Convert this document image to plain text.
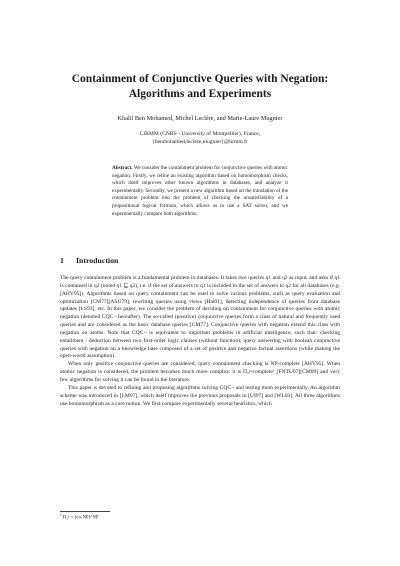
Containment of Conjunctive Queries with Negation: Algorithms and Experiments
Khalil Ben Mohamed, Michel Leclère, and Marie-Laure Mugnier
LIRMM (CNRS - University of Montpellier), France,
{benmohamed,leclere,mugnier}@lirmm.fr

Abstract. We consider the containment problem for conjunctive queries with atomic negation. Firstly, we refine an existing algorithm based on homomorphism checks, which itself improves other known algorithms in databases, and analyze it experimentally. Secondly, we present a new algorithm based on the translation of the containment problem into the problem of checking the unsatisfiability of a propositional logical formula, which allows us to use a SAT solver, and we experimentally compare both algorithms.

1 Introduction

The query containment problem is a fundamental problem in databases. It takes two queries q1 and q2 as input, and asks if q1 is contained in q2 (noted q1 ⊑ q2), i.e. if the set of answers to q1 is included in the set of answers to q2 for all databases (e.g. [AHV95]). Algorithms based on query containment can be used to solve various problems, such as query evaluation and optimization [CM77][ASU79], rewriting queries using views [Hal01], detecting independence of queries from database updates [LS93], etc. In this paper, we consider the problem of deciding on containment for conjunctive queries with atomic negation (denoted CQC¬ hereafter). The so-called (positive) conjunctive queries form a class of natural and frequently used queries and are considered as the basic database queries [CM77]. Conjunctive queries with negation extend this class with negation on atoms. Note that CQC¬ is equivalent to important problems in artificial intelligence, such that: checking entailment / deduction between two first-order logic clauses (without function); query answering with boolean conjunctive queries with negation on a knowledge base composed of a set of positive and negative factual assertions (while making the open-world assumption).

When only positive conjunctive queries are considered, query containment checking is NP-complete [AHV95]. When atomic negation is considered, the problem becomes much more complex: it is Π₂ᵖ-complete¹ [FNTU07][CM09] and very few algorithms for solving it can be found in the literature.

This paper is devoted to refining and proposing algorithms solving CQC¬ and testing them experimentally. An algorithm scheme was introduced in [LM07], which itself improves the previous proposals in [UI97] and [WL03]. All three algorithms use homomorphism as a core notion. We first compare experimentally several heuristics, which

$^1$ Π₂ᵖ = (co-NP)^NP
